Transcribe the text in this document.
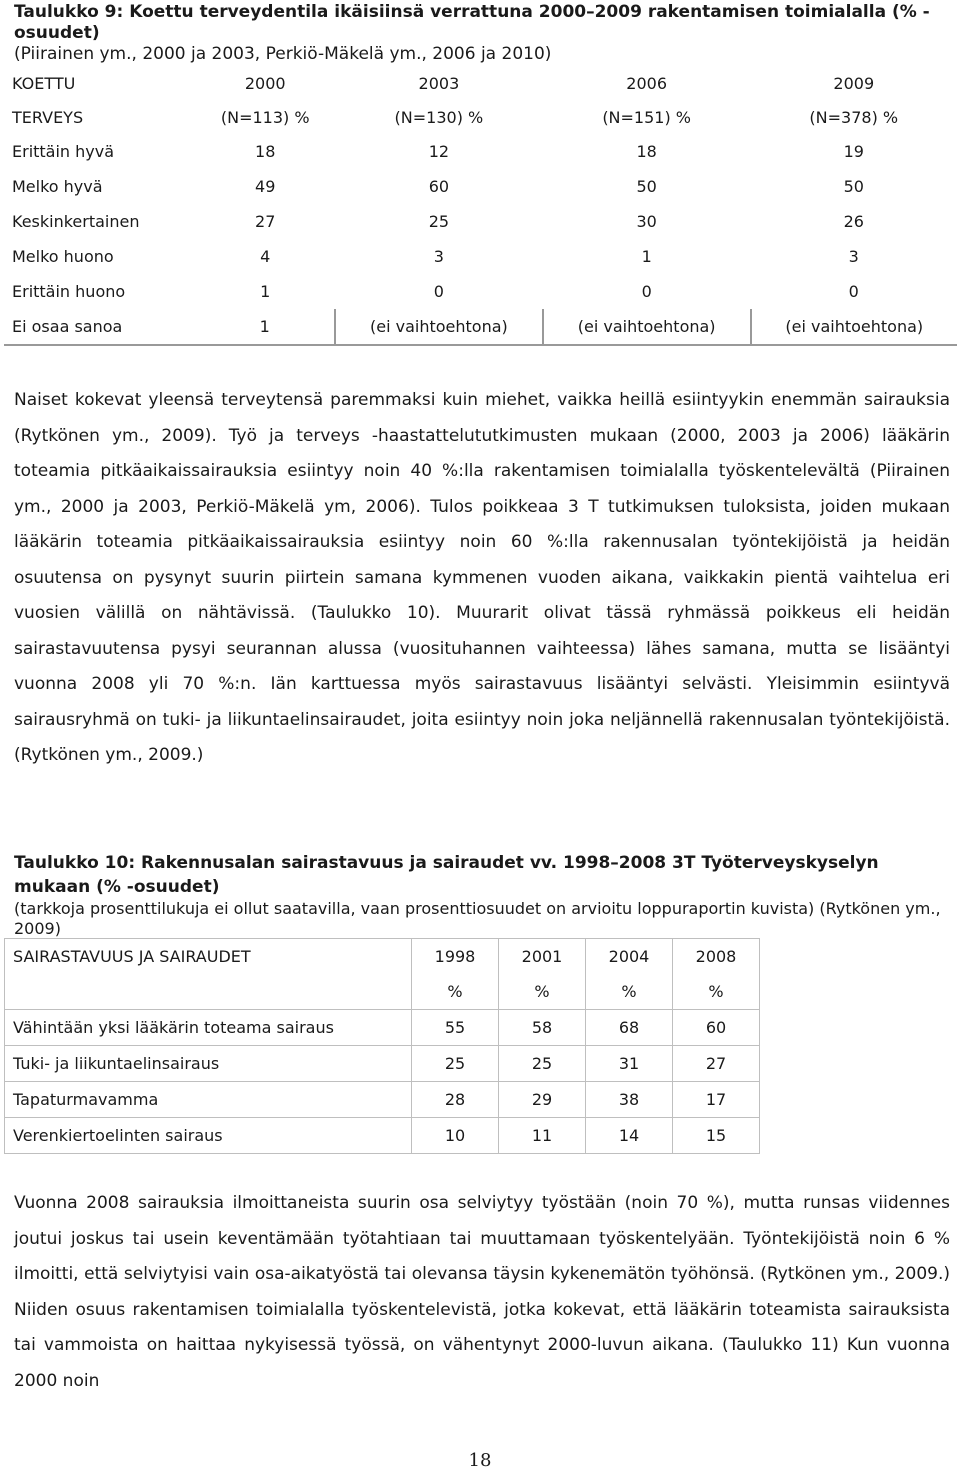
Taulukko 9: Koettu terveydentila ikäisiinsä verrattuna 2000–2009 rakentamisen toimialalla (% -osuudet)
(Piirainen ym., 2000 ja 2003, Perkiö-Mäkelä ym., 2006 ja 2010)
KOETTU	2000	2003	2006	2009
TERVEYS	(N=113) %	(N=130) %	(N=151) %	(N=378) %
Erittäin hyvä	18	12	18	19
Melko hyvä	49	60	50	50
Keskinkertainen	27	25	30	26
Melko huono	4	3	1	3
Erittäin huono	1	0	0	0
Ei osaa sanoa	1	(ei vaihtoehtona)	(ei vaihtoehtona)	(ei vaihtoehtona)
Naiset kokevat yleensä terveytensä paremmaksi kuin miehet, vaikka heillä esiintyykin enemmän sairauksia (Rytkönen ym., 2009). Työ ja terveys -haastattelututkimusten mukaan (2000, 2003 ja 2006) lääkärin toteamia pitkäaikaissairauksia esiintyy noin 40 %:lla rakentamisen toimialalla työskentelevältä (Piirainen ym., 2000 ja 2003, Perkiö-Mäkelä ym, 2006). Tulos poikkeaa 3 T tutkimuksen tuloksista, joiden mukaan lääkärin toteamia pitkäaikaissairauksia esiintyy noin 60 %:lla rakennusalan työntekijöistä ja heidän osuutensa on pysynyt suurin piirtein samana kymmenen vuoden aikana, vaikkakin pientä vaihtelua eri vuosien välillä on nähtävissä. (Taulukko 10). Muurarit olivat tässä ryhmässä poikkeus eli heidän sairastavuutensa pysyi seurannan alussa (vuosituhannen vaihteessa) lähes samana, mutta se lisääntyi vuonna 2008 yli 70 %:n. Iän karttuessa myös sairastavuus lisääntyi selvästi. Yleisimmin esiintyvä sairausryhmä on tuki- ja liikuntaelinsairaudet, joita esiintyy noin joka neljännellä rakennusalan työntekijöistä. (Rytkönen ym., 2009.)
Taulukko 10: Rakennusalan sairastavuus ja sairaudet vv. 1998–2008 3T Työterveyskyselyn mukaan (% -osuudet)
(tarkkoja prosenttilukuja ei ollut saatavilla, vaan prosenttiosuudet on arvioitu loppuraportin kuvista) (Rytkönen ym., 2009)
SAIRASTAVUUS JA SAIRAUDET	1998	2001	2004	2008
	%	%	%	%
Vähintään yksi lääkärin toteama sairaus	55	58	68	60
Tuki- ja liikuntaelinsairaus	25	25	31	27
Tapaturmavamma	28	29	38	17
Verenkiertoelinten sairaus	10	11	14	15
Vuonna 2008 sairauksia ilmoittaneista suurin osa selviytyy työstään (noin 70 %), mutta runsas viidennes joutui joskus tai usein keventämään työtahtiaan tai muuttamaan työskentelyään. Työntekijöistä noin 6 % ilmoitti, että selviytyisi vain osa-aikatyöstä tai olevansa täysin kykenemätön työhönsä. (Rytkönen ym., 2009.) Niiden osuus rakentamisen toimialalla työskentelevistä, jotka kokevat, että lääkärin toteamista sairauksista tai vammoista on haittaa nykyisessä työssä, on vähentynyt 2000-luvun aikana. (Taulukko 11) Kun vuonna 2000 noin
18
